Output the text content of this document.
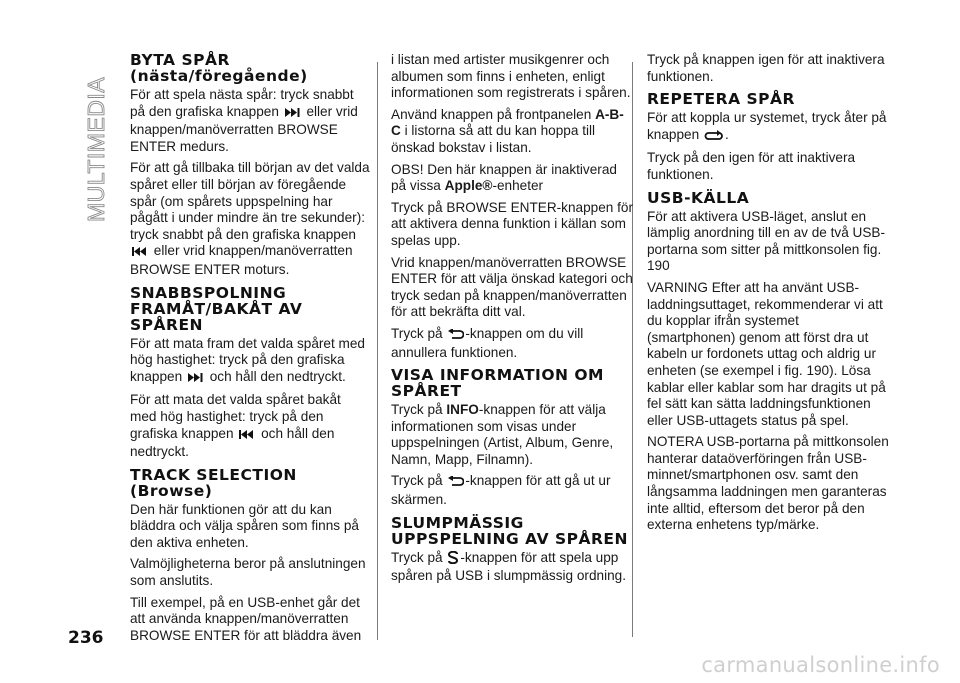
MULTIMEDIA
BYTA SPÅR (nästa/föregående)

För att spela nästa spår: tryck snabbt på den grafiska knappen eller vrid knappen/manöverratten BROWSE ENTER medurs.

För att gå tillbaka till början av det valda spåret eller till början av föregående spår (om spårets uppspelning har pågått i under mindre än tre sekunder): tryck snabbt på den grafiska knappen  eller vrid knappen/manöverratten BROWSE ENTER moturs.

SNABBSPOLNING FRAMÅT/BAKÅT AV SPÅREN

För att mata fram det valda spåret med hög hastighet: tryck på den grafiska

knappen och håll den nedtryckt.

För att mata det valda spåret bakåt med hög hastighet: tryck på den grafiska knappen och håll den nedtryckt.

TRACK SELECTION (Browse)

Den här funktionen gör att du kan bläddra och välja spåren som finns på den aktiva enheten.

Valmöjligheterna beror på anslutningen som anslutits.

Till exempel, på en USB-enhet går det att använda knappen/manöverratten BROWSE ENTER för att bläddra även

i listan med artister musikgenrer och albumen som finns i enheten, enligt informationen som registrerats i spåren.

Använd knappen på frontpanelen A-B-C i listorna så att du kan hoppa till önskad bokstav i listan.

OBS! Den här knappen är inaktiverad på vissa Apple®-enheter

Tryck på BROWSE ENTER-knappen för att aktivera denna funktion i källan som spelas upp.

Vrid knappen/manöverratten BROWSE ENTER för att välja önskad kategori och tryck sedan på knappen/manöverratten för att bekräfta ditt val.

Tryck på -knappen om du vill annullera funktionen.

VISA INFORMATION OM SPÅRET

Tryck på INFO-knappen för att välja informationen som visas under uppspelningen (Artist, Album, Genre, Namn, Mapp, Filnamn).

Tryck på -knappen för att gå ut ur skärmen.

SLUMPMÄSSIG UPPSPELNING AV SPÅREN

Tryck på -knappen för att spela upp spåren på USB i slumpmässig ordning.

Tryck på knappen igen för att inaktivera funktionen.

REPETERA SPÅR

För att koppla ur systemet, tryck åter på knappen .

Tryck på den igen för att inaktivera funktionen.

USB-KÄLLA

För att aktivera USB-läget, anslut en lämplig anordning till en av de två USB-portarna som sitter på mittkonsolen fig. 190

VARNING Efter att ha använt USB-laddningsuttaget, rekommenderar vi att du kopplar ifrån systemet (smartphonen) genom att först dra ut kabeln ur fordonets uttag och aldrig ur enheten (se exempel i fig. 190). Lösa kablar eller kablar som har dragits ut på fel sätt kan sätta laddningsfunktionen eller USB-uttagets status på spel.

NOTERA USB-portarna på mittkonsolen hanterar dataöverföringen från USB-minnet/smartphonen osv. samt den långsamma laddningen men garanteras inte alltid, eftersom det beror på den externa enhetens typ/märke.

236
carmanualsonline.info
